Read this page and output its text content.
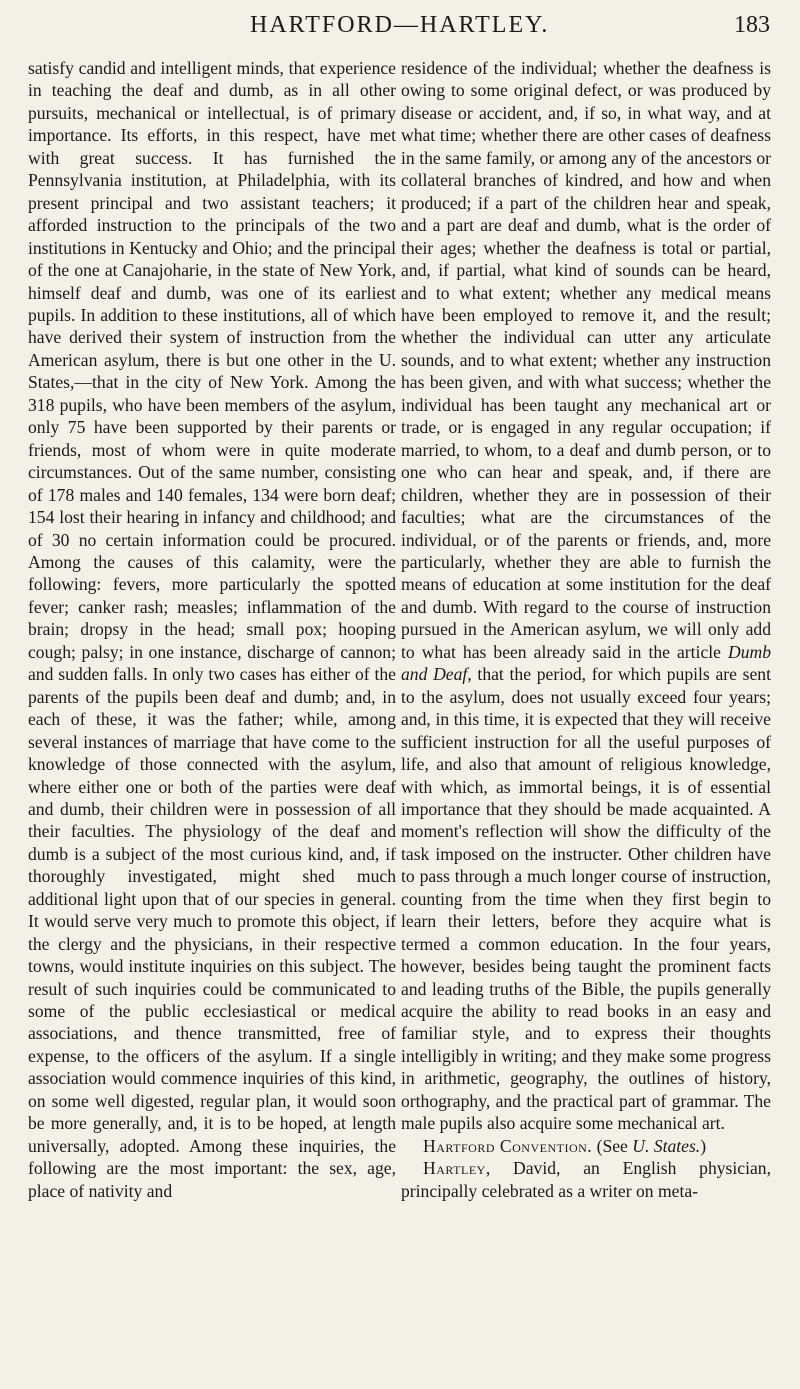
HARTFORD—HARTLEY.	183

satisfy candid and intelligent minds, that experience in teaching the deaf and dumb, as in all other pursuits, mechanical or intellectual, is of primary importance. Its efforts, in this respect, have met with great success. It has furnished the Pennsylvania institution, at Philadelphia, with its present principal and two assistant teachers; it afforded instruction to the principals of the two institutions in Kentucky and Ohio; and the principal of the one at Canajoharie, in the state of New York, himself deaf and dumb, was one of its earliest pupils. In addition to these institutions, all of which have derived their system of instruction from the American asylum, there is but one other in the U. States,—that in the city of New York. Among the 318 pupils, who have been members of the asylum, only 75 have been supported by their parents or friends, most of whom were in quite moderate circumstances. Out of the same number, consisting of 178 males and 140 females, 134 were born deaf; 154 lost their hearing in infancy and childhood; and of 30 no certain information could be procured. Among the causes of this calamity, were the following: fevers, more particularly the spotted fever; canker rash; measles; inflammation of the brain; dropsy in the head; small pox; hooping cough; palsy; in one instance, discharge of cannon; and sudden falls. In only two cases has either of the parents of the pupils been deaf and dumb; and, in each of these, it was the father; while, among several instances of marriage that have come to the knowledge of those connected with the asylum, where either one or both of the parties were deaf and dumb, their children were in possession of all their faculties. The physiology of the deaf and dumb is a subject of the most curious kind, and, if thoroughly investigated, might shed much additional light upon that of our species in general. It would serve very much to promote this object, if the clergy and the physicians, in their respective towns, would institute inquiries on this subject. The result of such inquiries could be communicated to some of the public ecclesiastical or medical associations, and thence transmitted, free of expense, to the officers of the asylum. If a single association would commence inquiries of this kind, on some well digested, regular plan, it would soon be more generally, and, it is to be hoped, at length universally, adopted. Among these inquiries, the following are the most important: the sex, age, place of nativity and

residence of the individual; whether the deafness is owing to some original defect, or was produced by disease or accident, and, if so, in what way, and at what time; whether there are other cases of deafness in the same family, or among any of the ancestors or collateral branches of kindred, and how and when produced; if a part of the children hear and speak, and a part are deaf and dumb, what is the order of their ages; whether the deafness is total or partial, and, if partial, what kind of sounds can be heard, and to what extent; whether any medical means have been employed to remove it, and the result; whether the individual can utter any articulate sounds, and to what extent; whether any instruction has been given, and with what success; whether the individual has been taught any mechanical art or trade, or is engaged in any regular occupation; if married, to whom, to a deaf and dumb person, or to one who can hear and speak, and, if there are children, whether they are in possession of their faculties; what are the circumstances of the individual, or of the parents or friends, and, more particularly, whether they are able to furnish the means of education at some institution for the deaf and dumb. With regard to the course of instruction pursued in the American asylum, we will only add to what has been already said in the article Dumb and Deaf, that the period, for which pupils are sent to the asylum, does not usually exceed four years; and, in this time, it is expected that they will receive sufficient instruction for all the useful purposes of life, and also that amount of religious knowledge, with which, as immortal beings, it is of essential importance that they should be made acquainted. A moment's reflection will show the difficulty of the task imposed on the instructer. Other children have to pass through a much longer course of instruction, counting from the time when they first begin to learn their letters, before they acquire what is termed a common education. In the four years, however, besides being taught the prominent facts and leading truths of the Bible, the pupils generally acquire the ability to read books in an easy and familiar style, and to express their thoughts intelligibly in writing; and they make some progress in arithmetic, geography, the outlines of history, orthography, and the practical part of grammar. The male pupils also acquire some mechanical art.

Hartford Convention. (See U. States.)

Hartley, David, an English physician, principally celebrated as a writer on meta-
